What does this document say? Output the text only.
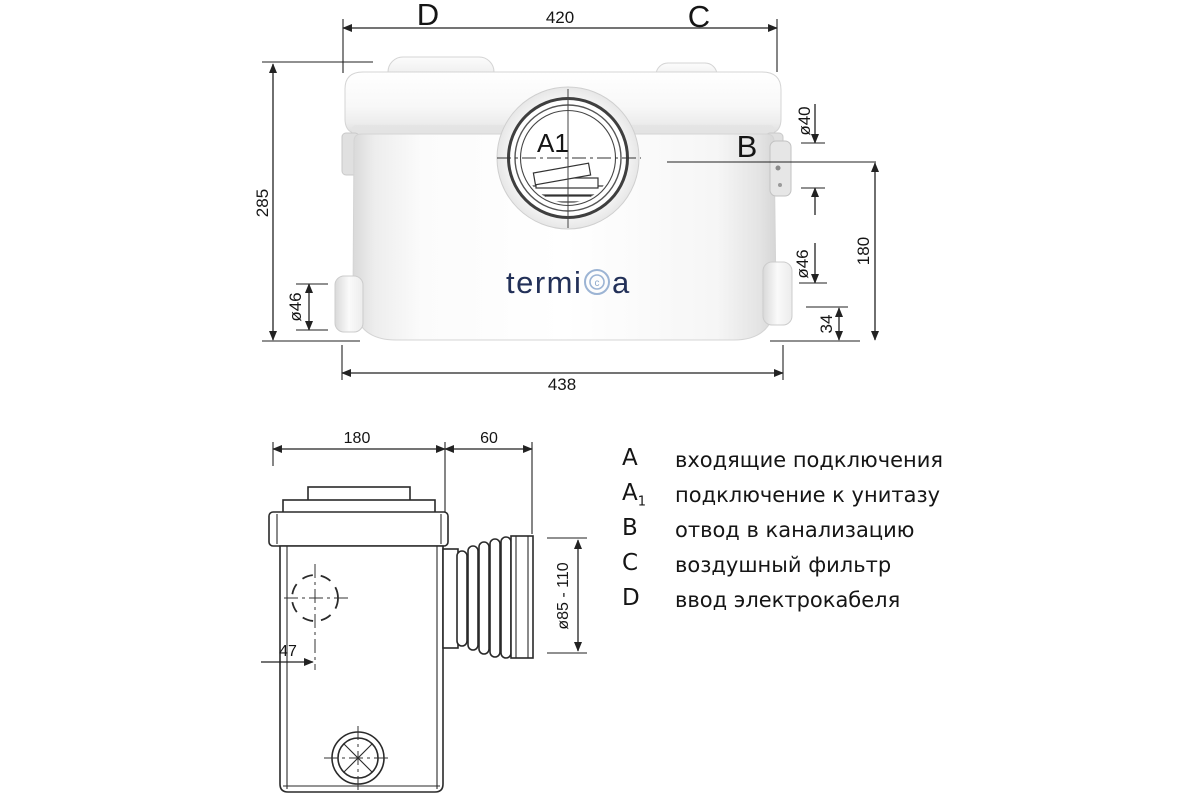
A1
termi c a
420
D	C
285
ø46
438
B
ø40
180
ø46
34
180	60
47
ø85 - 110
A	входящие подключения
$A_1$	подключение к унитазу
B	отвод в канализацию
C	воздушный фильтр
D	ввод электрокабеля
